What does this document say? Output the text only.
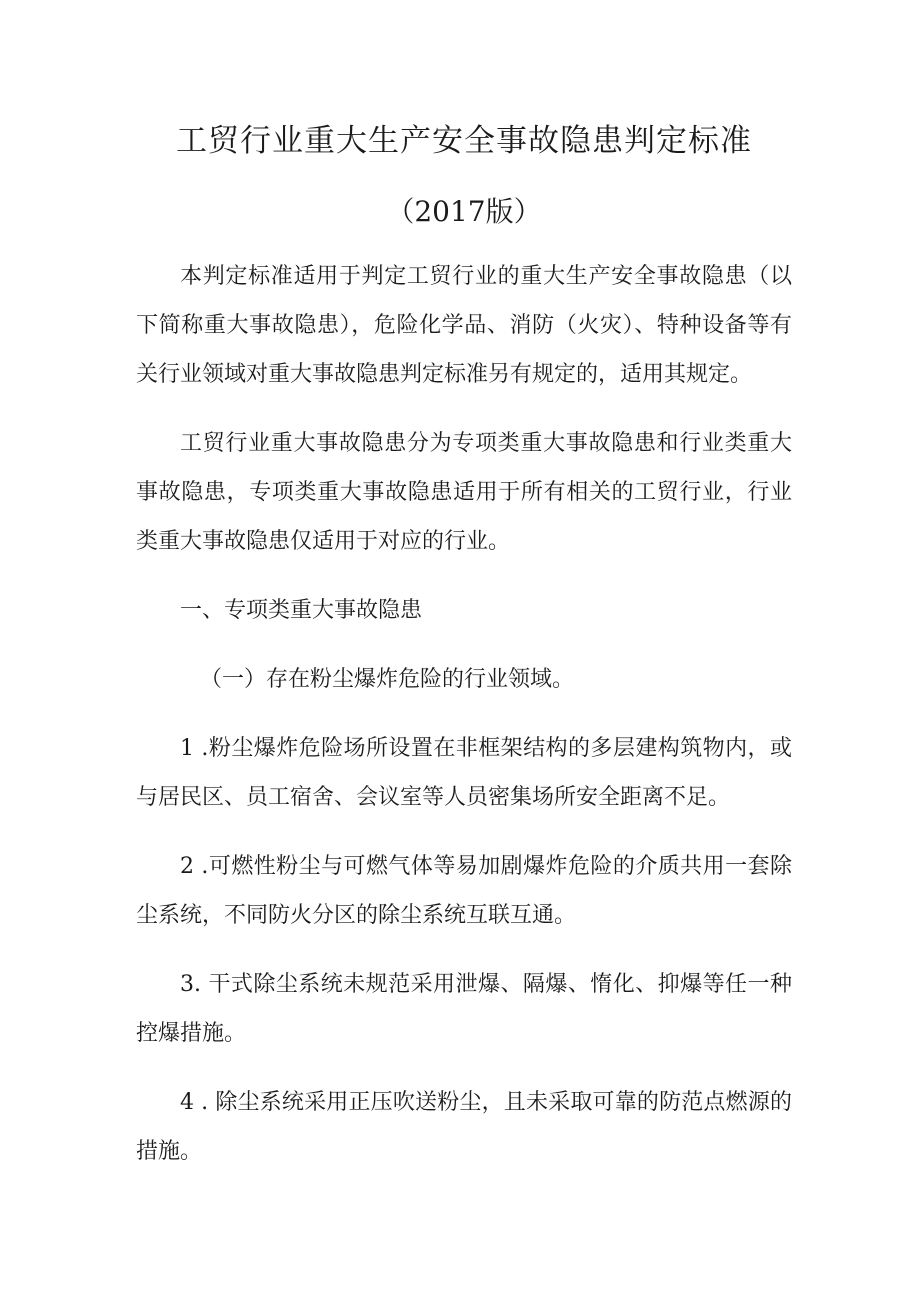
工贸行业重大生产安全事故隐患判定标准
（2017版）

本判定标准适用于判定工贸行业的重大生产安全事故隐患（以下简称重大事故隐患），危险化学品、消防（火灾）、特种设备等有关行业领域对重大事故隐患判定标准另有规定的，适用其规定。

工贸行业重大事故隐患分为专项类重大事故隐患和行业类重大事故隐患，专项类重大事故隐患适用于所有相关的工贸行业，行业类重大事故隐患仅适用于对应的行业。

一、专项类重大事故隐患

（一）存在粉尘爆炸危险的行业领域。

1 .粉尘爆炸危险场所设置在非框架结构的多层建构筑物内，或与居民区、员工宿舍、会议室等人员密集场所安全距离不足。

2 .可燃性粉尘与可燃气体等易加剧爆炸危险的介质共用一套除尘系统，不同防火分区的除尘系统互联互通。

3. 干式除尘系统未规范采用泄爆、隔爆、惰化、抑爆等任一种控爆措施。

4 . 除尘系统采用正压吹送粉尘，且未采取可靠的防范点燃源的措施。
